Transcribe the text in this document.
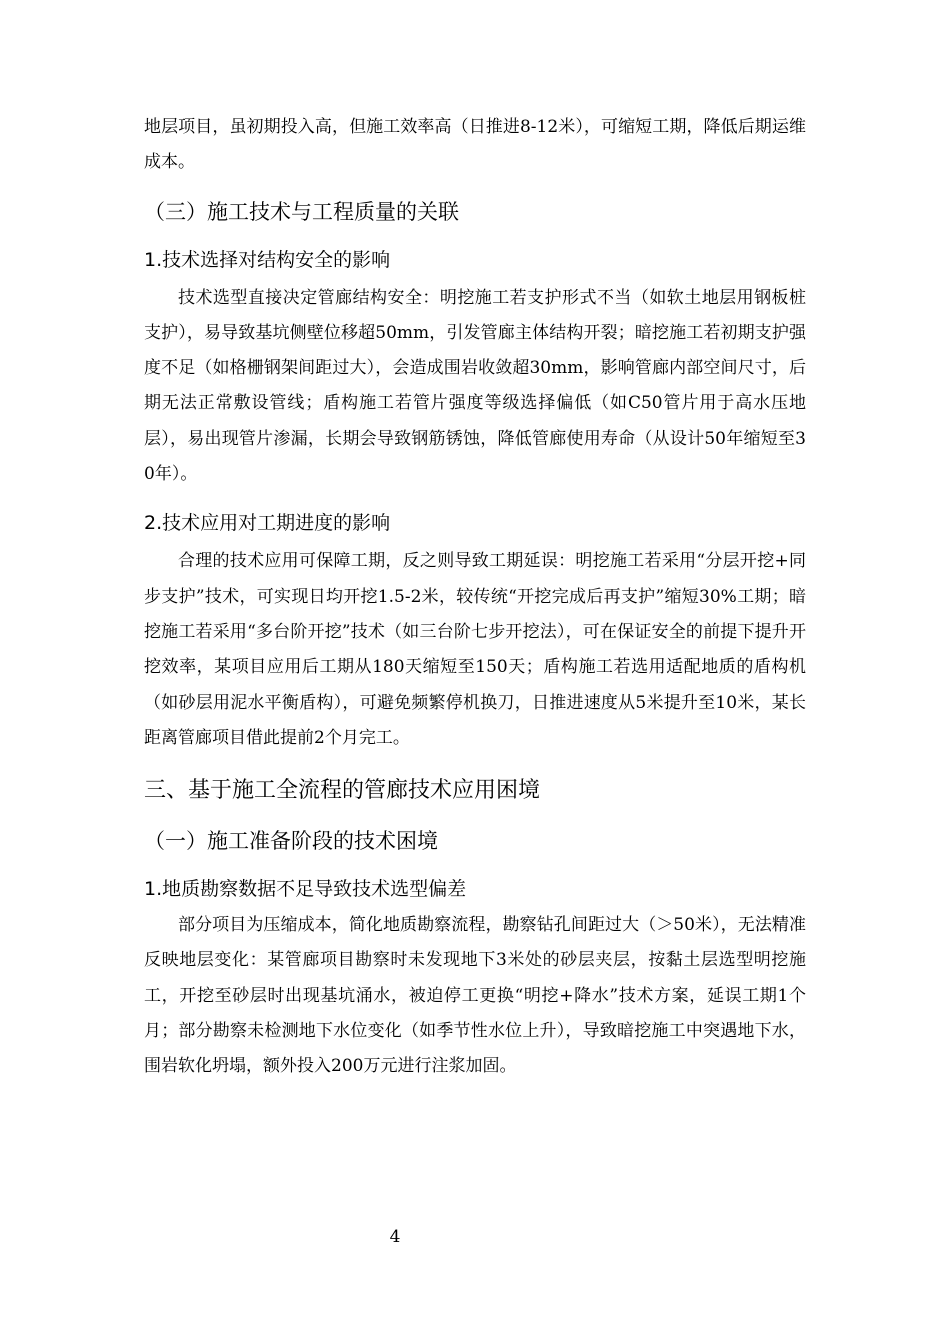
地层项目，虽初期投入高，但施工效率高（日推进8-12米），可缩短工期，降低后期运维成本。

（三）施工技术与工程质量的关联
1.技术选择对结构安全的影响

技术选型直接决定管廊结构安全：明挖施工若支护形式不当（如软土地层用钢板桩支护），易导致基坑侧壁位移超50mm，引发管廊主体结构开裂；暗挖施工若初期支护强度不足（如格栅钢架间距过大），会造成围岩收敛超30mm，影响管廊内部空间尺寸，后期无法正常敷设管线；盾构施工若管片强度等级选择偏低（如C50管片用于高水压地层），易出现管片渗漏，长期会导致钢筋锈蚀，降低管廊使用寿命（从设计50年缩短至30年）。

2.技术应用对工期进度的影响

合理的技术应用可保障工期，反之则导致工期延误：明挖施工若采用“分层开挖+同步支护”技术，可实现日均开挖1.5-2米，较传统“开挖完成后再支护”缩短30%工期；暗挖施工若采用“多台阶开挖”技术（如三台阶七步开挖法），可在保证安全的前提下提升开挖效率，某项目应用后工期从180天缩短至150天；盾构施工若选用适配地质的盾构机（如砂层用泥水平衡盾构），可避免频繁停机换刀，日推进速度从5米提升至10米，某长距离管廊项目借此提前2个月完工。

三、基于施工全流程的管廊技术应用困境
（一）施工准备阶段的技术困境
1.地质勘察数据不足导致技术选型偏差

部分项目为压缩成本，简化地质勘察流程，勘察钻孔间距过大（＞50米），无法精准反映地层变化：某管廊项目勘察时未发现地下3米处的砂层夹层，按黏土层选型明挖施工，开挖至砂层时出现基坑涌水，被迫停工更换“明挖+降水”技术方案，延误工期1个月；部分勘察未检测地下水位变化（如季节性水位上升），导致暗挖施工中突遇地下水，围岩软化坍塌，额外投入200万元进行注浆加固。

4
